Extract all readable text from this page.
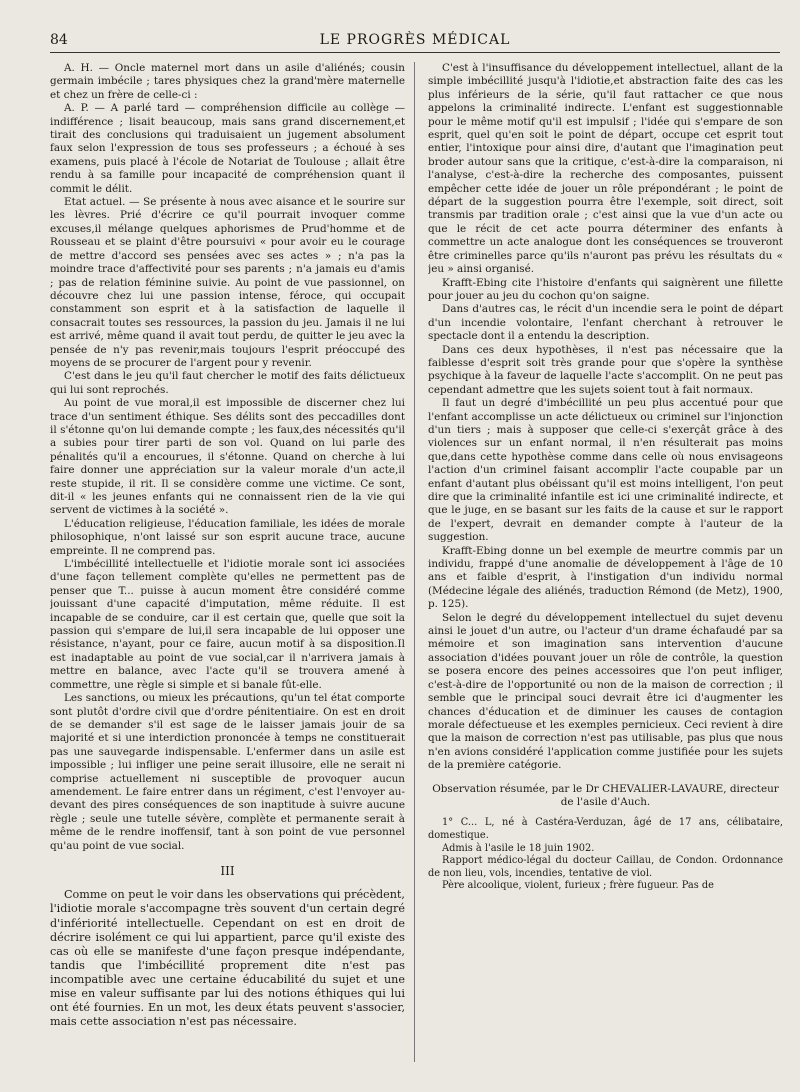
84	LE PROGRÈS MÉDICAL

A. H. — Oncle maternel mort dans un asile d'aliénés; cousin germain imbécile ; tares physiques chez la grand'mère maternelle et chez un frère de celle-ci :

A. P. — A parlé tard — compréhension difficile au collège — indifférence ; lisait beaucoup, mais sans grand discernement,et tirait des conclusions qui traduisaient un jugement absolument faux selon l'expression de tous ses professeurs ; a échoué à ses examens, puis placé à l'école de Notariat de Toulouse ; allait être rendu à sa famille pour incapacité de compréhension quant il commit le délit.

Etat actuel. — Se présente à nous avec aisance et le sourire sur les lèvres. Prié d'écrire ce qu'il pourrait invoquer comme excuses,il mélange quelques aphorismes de Prud'homme et de Rousseau et se plaint d'être poursuivi « pour avoir eu le courage de mettre d'accord ses pensées avec ses actes » ; n'a pas la moindre trace d'affectivité pour ses parents ; n'a jamais eu d'amis ; pas de relation féminine suivie. Au point de vue passionnel, on découvre chez lui une passion intense, féroce, qui occupait constamment son esprit et à la satisfaction de laquelle il consacrait toutes ses ressources, la passion du jeu. Jamais il ne lui est arrivé, même quand il avait tout perdu, de quitter le jeu avec la pensée de n'y pas revenir,mais toujours l'esprit préoccupé des moyens de se procurer de l'argent pour y revenir.

C'est dans le jeu qu'il faut chercher le motif des faits délictueux qui lui sont reprochés.

Au point de vue moral,il est impossible de discerner chez lui trace d'un sentiment éthique. Ses délits sont des peccadilles dont il s'étonne qu'on lui demande compte ; les faux,des nécessités qu'il a subies pour tirer parti de son vol. Quand on lui parle des pénalités qu'il a encourues, il s'étonne. Quand on cherche à lui faire donner une appréciation sur la valeur morale d'un acte,il reste stupide, il rit. Il se considère comme une victime. Ce sont, dit-il « les jeunes enfants qui ne connaissent rien de la vie qui servent de victimes à la société ».

L'éducation religieuse, l'éducation familiale, les idées de morale philosophique, n'ont laissé sur son esprit aucune trace, aucune empreinte. Il ne comprend pas.

L'imbécillité intellectuelle et l'idiotie morale sont ici associées d'une façon tellement complète qu'elles ne permettent pas de penser que T... puisse à aucun moment être considéré comme jouissant d'une capacité d'imputation, même réduite. Il est incapable de se conduire, car il est certain que, quelle que soit la passion qui s'empare de lui,il sera incapable de lui opposer une résistance, n'ayant, pour ce faire, aucun motif à sa disposition.Il est inadaptable au point de vue social,car il n'arrivera jamais à mettre en balance, avec l'acte qu'il se trouvera amené à commettre, une règle si simple et si banale fût-elle.

Les sanctions, ou mieux les précautions, qu'un tel état comporte sont plutôt d'ordre civil que d'ordre pénitentiaire. On est en droit de se demander s'il est sage de le laisser jamais jouir de sa majorité et si une interdiction prononcée à temps ne constituerait pas une sauvegarde indispensable. L'enfermer dans un asile est impossible ; lui infliger une peine serait illusoire, elle ne serait ni comprise actuellement ni susceptible de provoquer aucun amendement. Le faire entrer dans un régiment, c'est l'envoyer au-devant des pires conséquences de son inaptitude à suivre aucune règle ; seule une tutelle sévère, complète et permanente serait à même de le rendre inoffensif, tant à son point de vue personnel qu'au point de vue social.

III

Comme on peut le voir dans les observations qui précèdent, l'idiotie morale s'accompagne très souvent d'un certain degré d'infériorité intellectuelle. Cependant on est en droit de décrire isolément ce qui lui appartient, parce qu'il existe des cas où elle se manifeste d'une façon presque indépendante, tandis que l'imbécillité proprement dite n'est pas incompatible avec une certaine éducabilité du sujet et une mise en valeur suffisante par lui des notions éthiques qui lui ont été fournies. En un mot, les deux états peuvent s'associer, mais cette association n'est pas nécessaire.

C'est à l'insuffisance du développement intellectuel, allant de la simple imbécillité jusqu'à l'idiotie,et abstraction faite des cas les plus inférieurs de la série, qu'il faut rattacher ce que nous appelons la criminalité indirecte. L'enfant est suggestionnable pour le même motif qu'il est impulsif ; l'idée qui s'empare de son esprit, quel qu'en soit le point de départ, occupe cet esprit tout entier, l'intoxique pour ainsi dire, d'autant que l'imagination peut broder autour sans que la critique, c'est-à-dire la comparaison, ni l'analyse, c'est-à-dire la recherche des composantes, puissent empêcher cette idée de jouer un rôle prépondérant ; le point de départ de la suggestion pourra être l'exemple, soit direct, soit transmis par tradition orale ; c'est ainsi que la vue d'un acte ou que le récit de cet acte pourra déterminer des enfants à commettre un acte analogue dont les conséquences se trouveront être criminelles parce qu'ils n'auront pas prévu les résultats du « jeu » ainsi organisé.

Krafft-Ebing cite l'histoire d'enfants qui saignèrent une fillette pour jouer au jeu du cochon qu'on saigne.

Dans d'autres cas, le récit d'un incendie sera le point de départ d'un incendie volontaire, l'enfant cherchant à retrouver le spectacle dont il a entendu la description.

Dans ces deux hypothèses, il n'est pas nécessaire que la faiblesse d'esprit soit très grande pour que s'opère la synthèse psychique à la faveur de laquelle l'acte s'accomplit. On ne peut pas cependant admettre que les sujets soient tout à fait normaux.

Il faut un degré d'imbécillité un peu plus accentué pour que l'enfant accomplisse un acte délictueux ou criminel sur l'injonction d'un tiers ; mais à supposer que celle-ci s'exerçât grâce à des violences sur un enfant normal, il n'en résulterait pas moins que,dans cette hypothèse comme dans celle où nous envisageons l'action d'un criminel faisant accomplir l'acte coupable par un enfant d'autant plus obéissant qu'il est moins intelligent, l'on peut dire que la criminalité infantile est ici une criminalité indirecte, et que le juge, en se basant sur les faits de la cause et sur le rapport de l'expert, devrait en demander compte à l'auteur de la suggestion.

Krafft-Ebing donne un bel exemple de meurtre commis par un individu, frappé d'une anomalie de développement à l'âge de 10 ans et faible d'esprit, à l'instigation d'un individu normal (Médecine légale des aliénés, traduction Rémond (de Metz), 1900, p. 125).

Selon le degré du développement intellectuel du sujet devenu ainsi le jouet d'un autre, ou l'acteur d'un drame échafaudé par sa mémoire et son imagination sans intervention d'aucune association d'idées pouvant jouer un rôle de contrôle, la question se posera encore des peines accessoires que l'on peut infliger, c'est-à-dire de l'opportunité ou non de la maison de correction ; il semble que le principal souci devrait être ici d'augmenter les chances d'éducation et de diminuer les causes de contagion morale défectueuse et les exemples pernicieux. Ceci revient à dire que la maison de correction n'est pas utilisable, pas plus que nous n'en avions considéré l'application comme justifiée pour les sujets de la première catégorie.

Observation résumée, par le Dr CHEVALIER-LAVAURE, directeur de l'asile d'Auch.

1° C... L, né à Castéra-Verduzan, âgé de 17 ans, célibataire, domestique.

Admis à l'asile le 18 juin 1902.

Rapport médico-légal du docteur Caillau, de Condon. Ordonnance de non lieu, vols, incendies, tentative de viol.

Père alcoolique, violent, furieux ; frère fugueur. Pas de
